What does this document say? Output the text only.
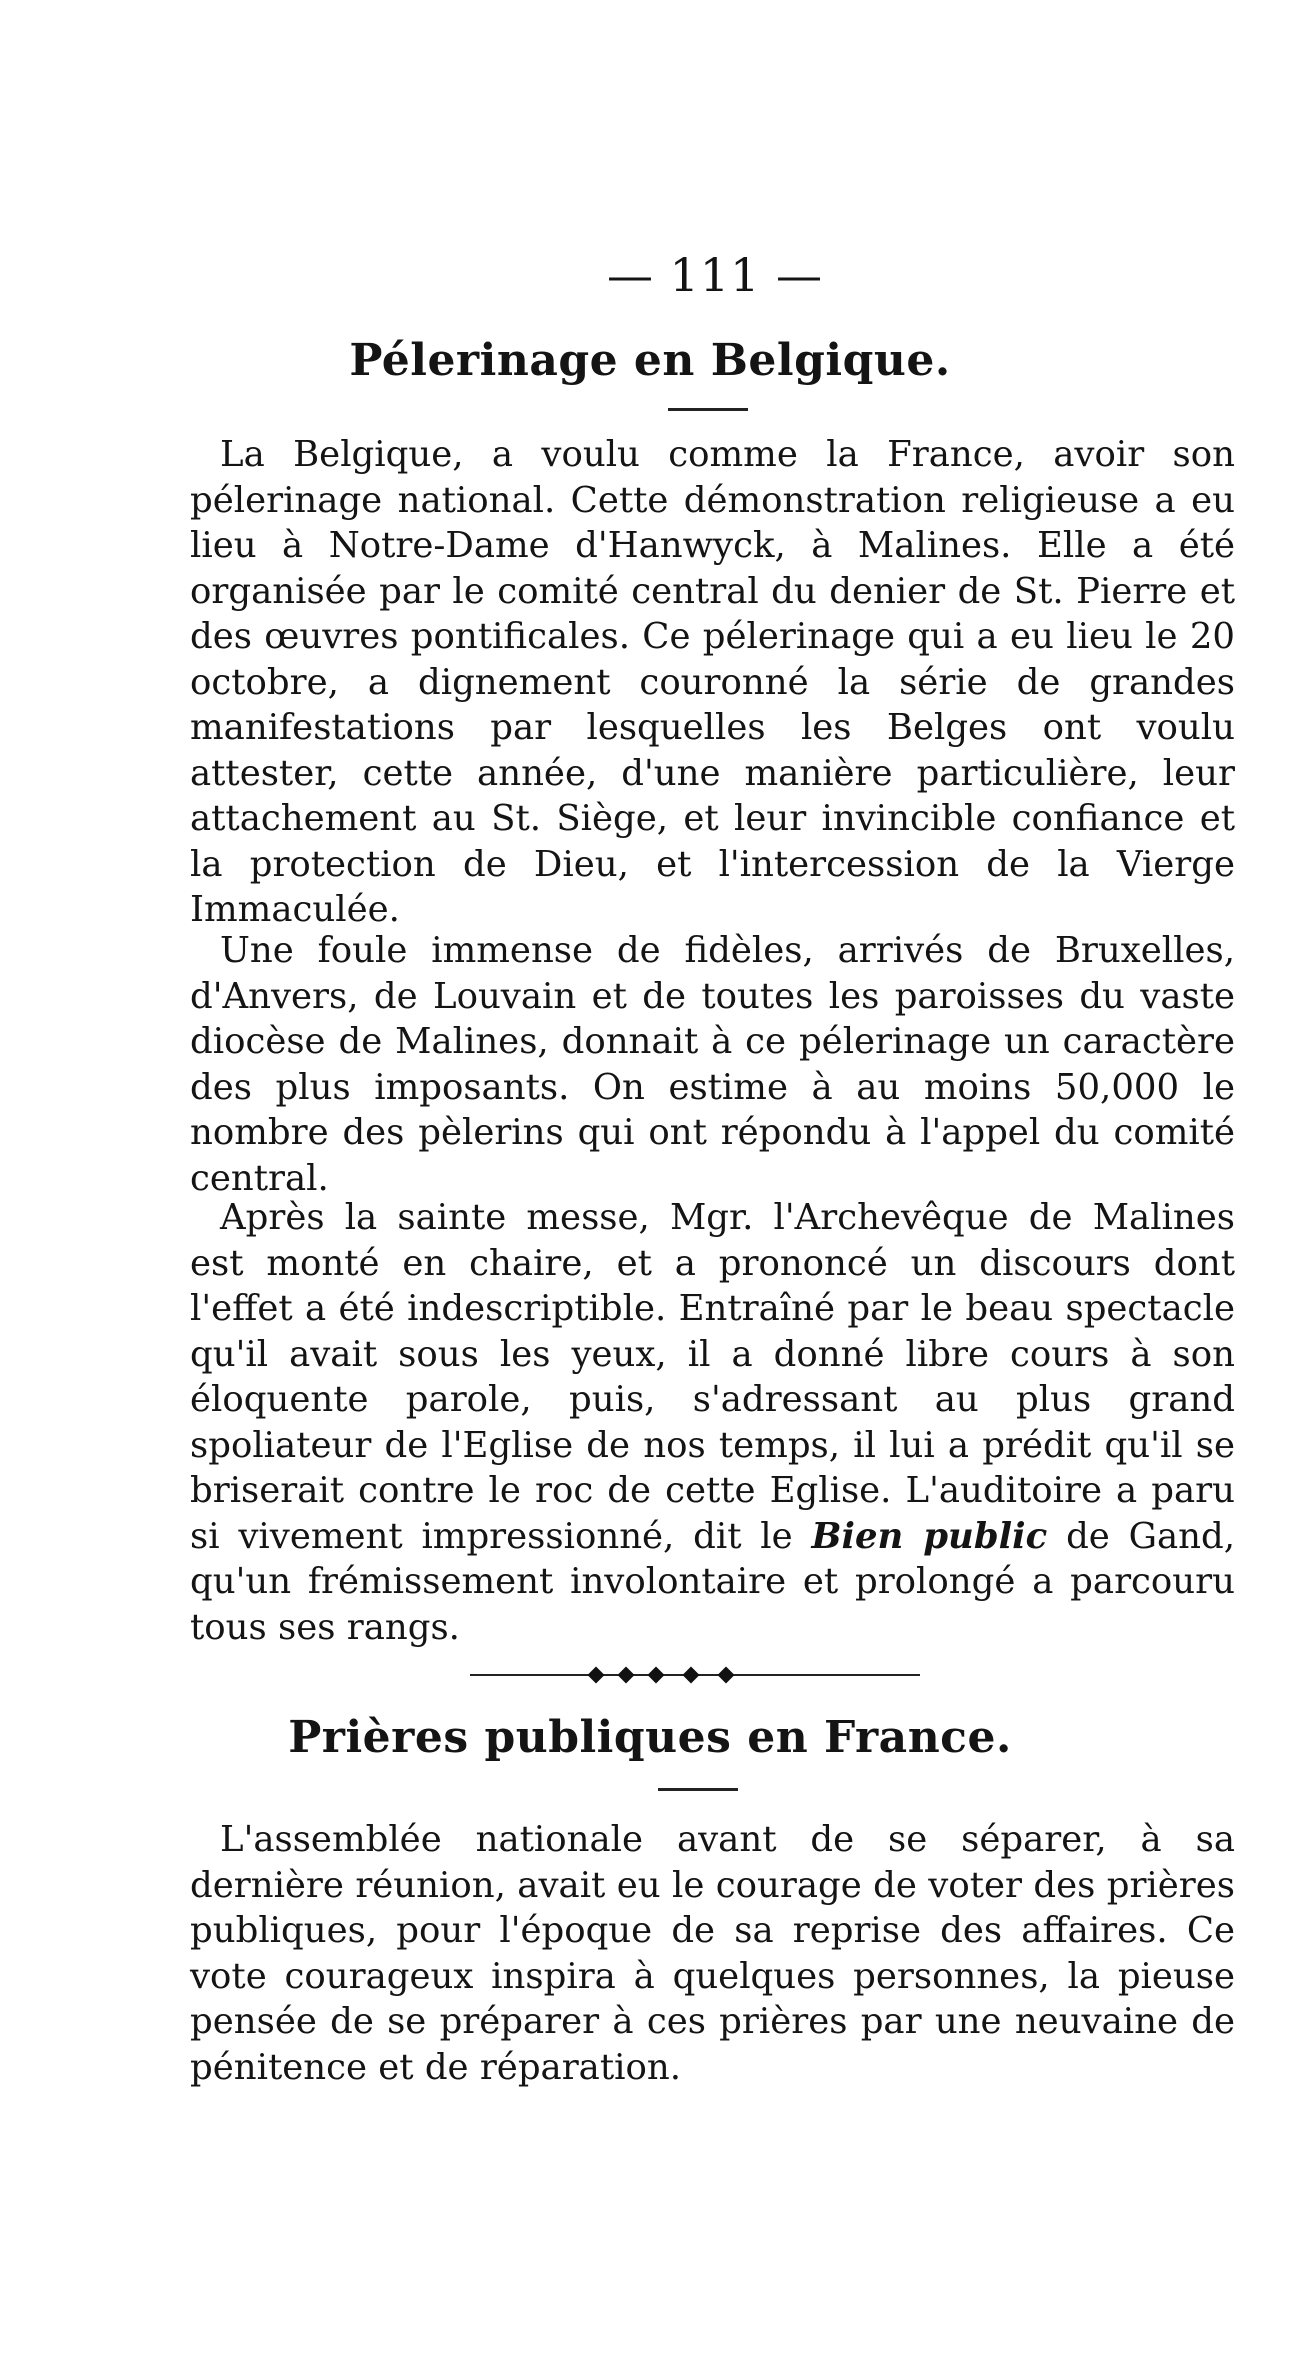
— 111 —
Pélerinage en Belgique.

La Belgique, a voulu comme la France, avoir son pélerinage national. Cette démonstration religieuse a eu lieu à Notre-Dame d'Hanwyck, à Malines. Elle a été organisée par le comité central du denier de St. Pierre et des œuvres pontificales. Ce pélerinage qui a eu lieu le 20 octobre, a dignement couronné la série de grandes manifestations par lesquelles les Belges ont voulu attester, cette année, d'une manière particulière, leur attachement au St. Siège, et leur invincible confiance et la protection de Dieu, et l'intercession de la Vierge Immaculée.

Une foule immense de fidèles, arrivés de Bruxelles, d'Anvers, de Louvain et de toutes les paroisses du vaste diocèse de Malines, donnait à ce pélerinage un caractère des plus imposants. On estime à au moins 50,000 le nombre des pèlerins qui ont répondu à l'appel du comité central.

Après la sainte messe, Mgr. l'Archevêque de Malines est monté en chaire, et a prononcé un discours dont l'effet a été indescriptible. Entraîné par le beau spectacle qu'il avait sous les yeux, il a donné libre cours à son éloquente parole, puis, s'adressant au plus grand spoliateur de l'Eglise de nos temps, il lui a prédit qu'il se briserait contre le roc de cette Eglise. L'auditoire a paru si vivement impressionné, dit le Bien public de Gand, qu'un frémissement involontaire et prolongé a parcouru tous ses rangs.

Prières publiques en France.

L'assemblée nationale avant de se séparer, à sa dernière réunion, avait eu le courage de voter des prières publiques, pour l'époque de sa reprise des affaires. Ce vote courageux inspira à quelques personnes, la pieuse pensée de se préparer à ces prières par une neuvaine de pénitence et de réparation.
